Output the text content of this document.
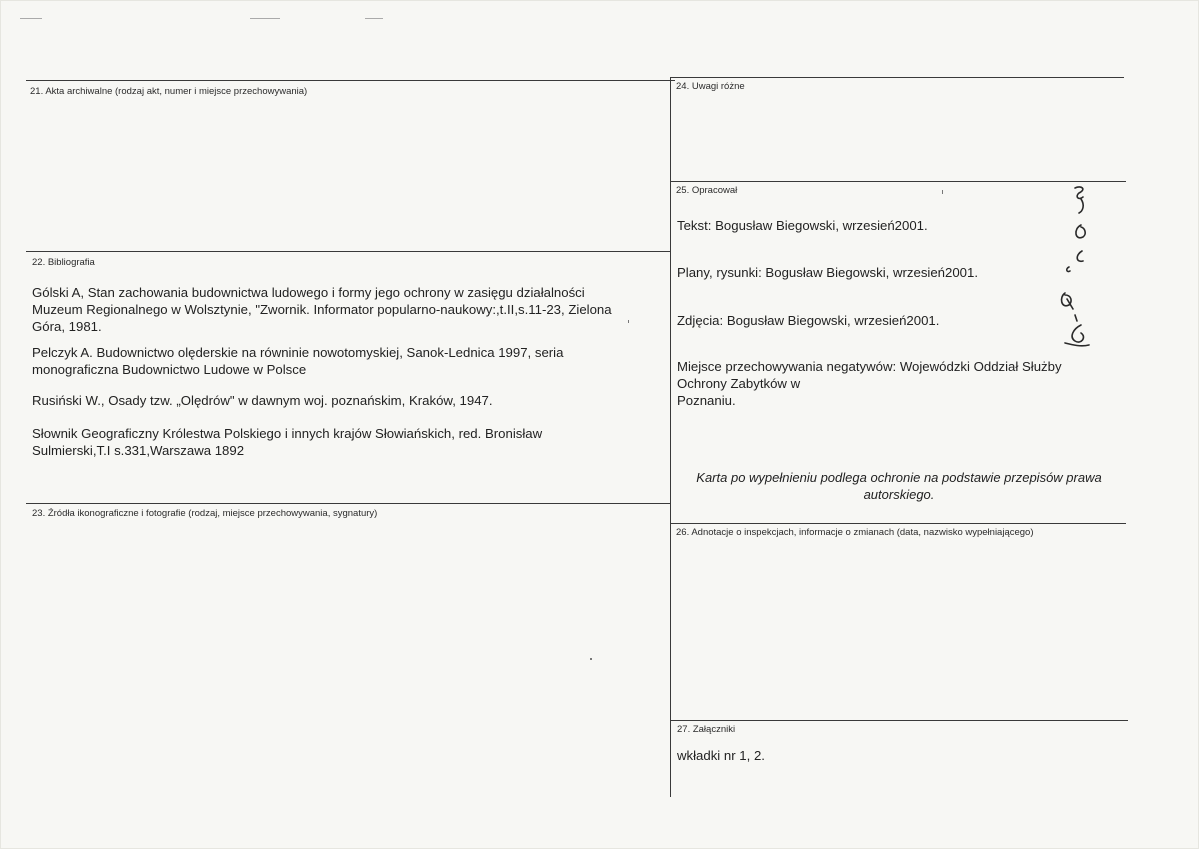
21. Akta archiwalne (rodzaj akt, numer i miejsce przechowywania)	24. Uwagi różne
25. Opracował
Tekst: Bogusław Biegowski, wrzesień2001.
Plany, rysunki: Bogusław Biegowski, wrzesień2001.
Zdjęcia: Bogusław Biegowski, wrzesień2001.
Miejsce przechowywania negatywów: Wojewódzki Oddział Służby
Ochrony Zabytków w
Poznaniu.
Karta po wypełnieniu podlega ochronie na podstawie przepisów prawa
autorskiego.
22. Bibliografia
Gólski A, Stan zachowania budownictwa ludowego i formy jego ochrony w zasięgu działalności
Muzeum Regionalnego w Wolsztynie, "Zwornik. Informator popularno-naukowy:,t.II,s.11-23, Zielona
Góra, 1981.
Pelczyk A. Budownictwo olęderskie na równinie nowotomyskiej, Sanok-Lednica 1997, seria
monograficzna Budownictwo Ludowe w Polsce
Rusiński W., Osady tzw. „Olędrów" w dawnym woj. poznańskim, Kraków, 1947.
Słownik Geograficzny Królestwa Polskiego i innych krajów Słowiańskich, red. Bronisław
Sulmierski,T.I s.331,Warszawa 1892
23. Źródła ikonograficzne i fotografie (rodzaj, miejsce przechowywania, sygnatury)
26. Adnotacje o inspekcjach, informacje o zmianach (data, nazwisko wypełniającego)
27. Załączniki
wkładki nr 1, 2.
